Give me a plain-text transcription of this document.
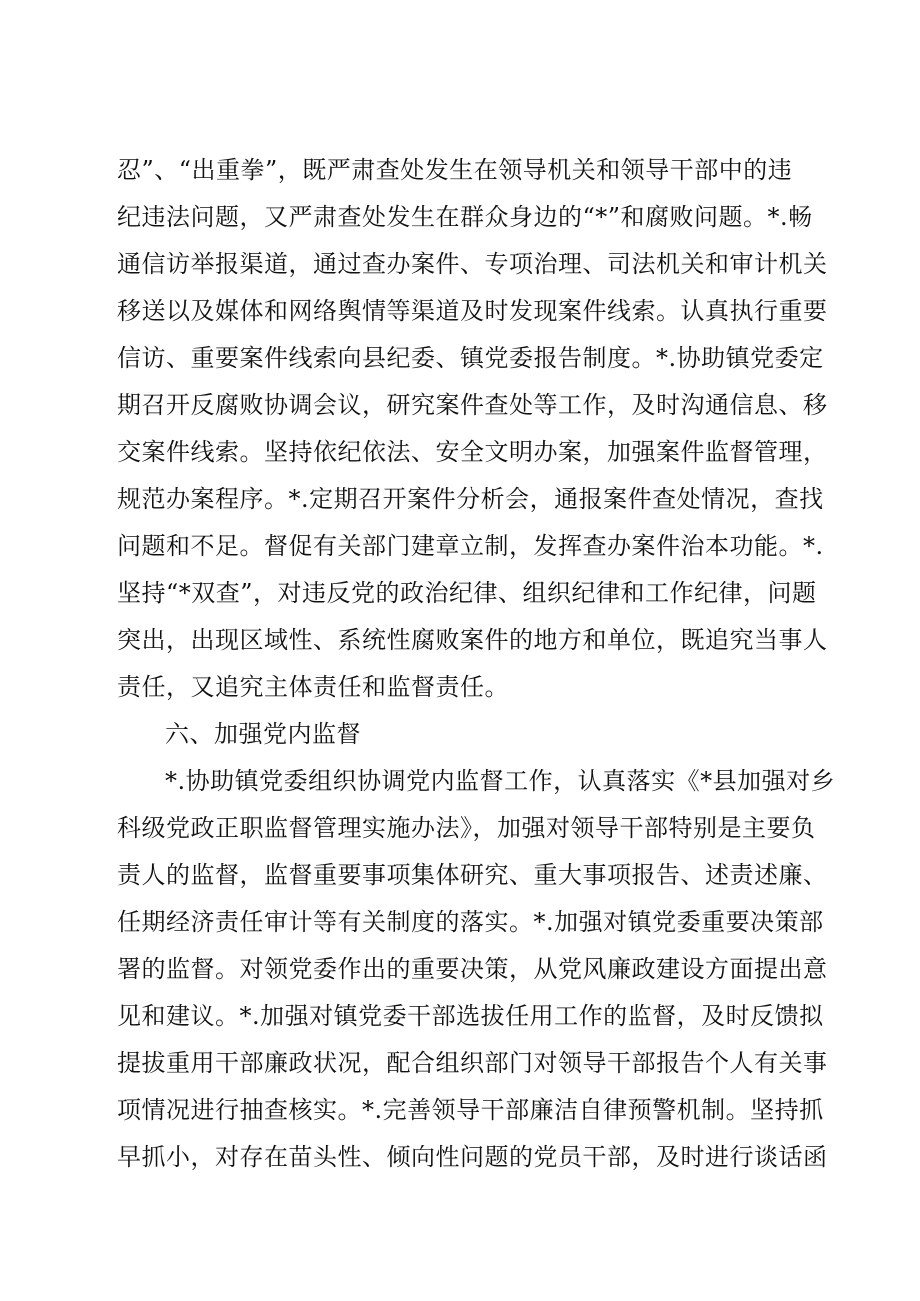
忍”、“出重拳”，既严肃查处发生在领导机关和领导干部中的违
纪违法问题，又严肃查处发生在群众身边的“*”和腐败问题。*.畅
通信访举报渠道，通过查办案件、专项治理、司法机关和审计机关
移送以及媒体和网络舆情等渠道及时发现案件线索。认真执行重要
信访、重要案件线索向县纪委、镇党委报告制度。*.协助镇党委定
期召开反腐败协调会议，研究案件查处等工作，及时沟通信息、移
交案件线索。坚持依纪依法、安全文明办案，加强案件监督管理，
规范办案程序。*.定期召开案件分析会，通报案件查处情况，查找
问题和不足。督促有关部门建章立制，发挥查办案件治本功能。*.
坚持“*双查”，对违反党的政治纪律、组织纪律和工作纪律，问题
突出，出现区域性、系统性腐败案件的地方和单位，既追究当事人
责任，又追究主体责任和监督责任。
六、加强党内监督
*.协助镇党委组织协调党内监督工作，认真落实《*县加强对乡
科级党政正职监督管理实施办法》，加强对领导干部特别是主要负
责人的监督，监督重要事项集体研究、重大事项报告、述责述廉、
任期经济责任审计等有关制度的落实。*.加强对镇党委重要决策部
署的监督。对领党委作出的重要决策，从党风廉政建设方面提出意
见和建议。*.加强对镇党委干部选拔任用工作的监督，及时反馈拟
提拔重用干部廉政状况，配合组织部门对领导干部报告个人有关事
项情况进行抽查核实。*.完善领导干部廉洁自律预警机制。坚持抓
早抓小，对存在苗头性、倾向性问题的党员干部，及时进行谈话函
